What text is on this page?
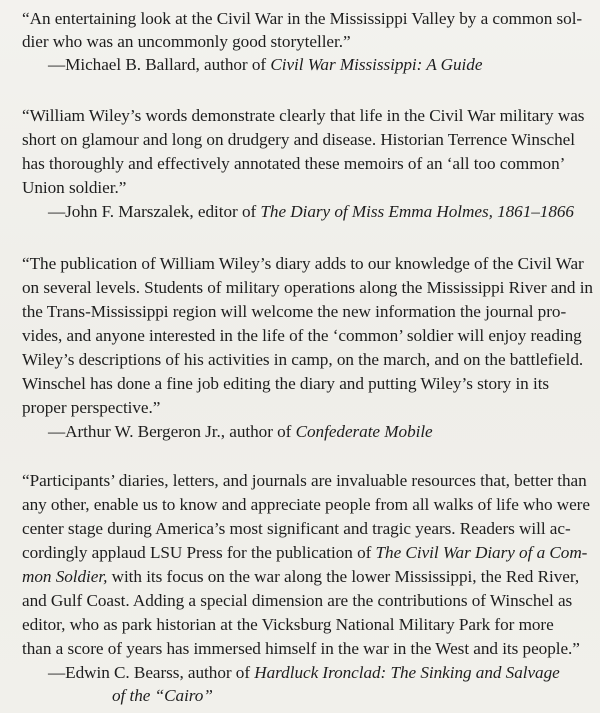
“An entertaining look at the Civil War in the Mississippi Valley by a common sol-
dier who was an uncommonly good storyteller.”
—Michael B. Ballard, author of Civil War Mississippi: A Guide
“William Wiley’s words demonstrate clearly that life in the Civil War military was
short on glamour and long on drudgery and disease. Historian Terrence Winschel
has thoroughly and effectively annotated these memoirs of an ‘all too common’
Union soldier.”
—John F. Marszalek, editor of The Diary of Miss Emma Holmes, 1861–1866
“The publication of William Wiley’s diary adds to our knowledge of the Civil War
on several levels. Students of military operations along the Mississippi River and in
the Trans-Mississippi region will welcome the new information the journal pro-
vides, and anyone interested in the life of the ‘common’ soldier will enjoy reading
Wiley’s descriptions of his activities in camp, on the march, and on the battlefield.
Winschel has done a fine job editing the diary and putting Wiley’s story in its
proper perspective.”
—Arthur W. Bergeron Jr., author of Confederate Mobile
“Participants’ diaries, letters, and journals are invaluable resources that, better than
any other, enable us to know and appreciate people from all walks of life who were
center stage during America’s most significant and tragic years. Readers will ac-
cordingly applaud LSU Press for the publication of The Civil War Diary of a Com-
mon Soldier, with its focus on the war along the lower Mississippi, the Red River,
and Gulf Coast. Adding a special dimension are the contributions of Winschel as
editor, who as park historian at the Vicksburg National Military Park for more
than a score of years has immersed himself in the war in the West and its people.”
—Edwin C. Bearss, author of Hardluck Ironclad: The Sinking and Salvage
of the “Cairo”
